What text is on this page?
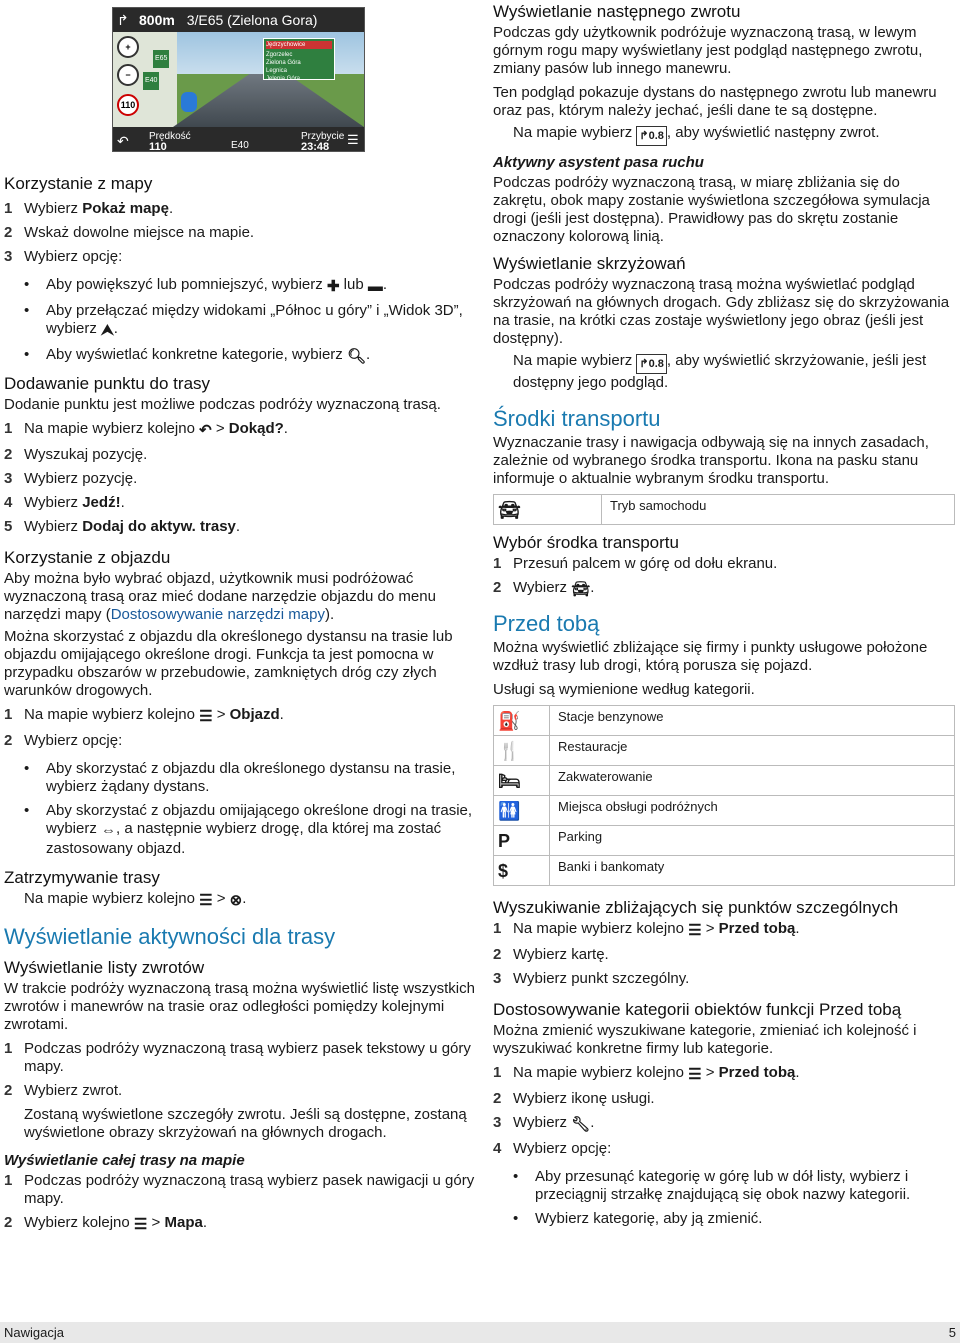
↱ 800m 3/E65 (Zielona Gora)
E65
E40
Jędrzychowice
Zgorzelec
Zielona Góra
Legnica
Jelenia Góra
+
−
110
↶ Prędkość
110	E40
Przybycie
23:48 ☰
Korzystanie z mapy
1 Wybierz Pokaż mapę.
2 Wskaż dowolne miejsce na mapie.
3 Wybierz opcję:
•	Aby powiększyć lub pomniejszyć, wybierz ✚ lub ▬.
•	Aby przełączać między widokami „Północ u góry” i „Widok 3D”, wybierz ⮝.
•	Aby wyświetlać konkretne kategorie, wybierz 🔍︎.
Dodawanie punktu do trasy

Dodanie punktu jest możliwe podczas podróży wyznaczoną trasą.

1 Na mapie wybierz kolejno ↶ > Dokąd?.
2 Wyszukaj pozycję.
3 Wybierz pozycję.
4 Wybierz Jedź!.
5 Wybierz Dodaj do aktyw. trasy.
Korzystanie z objazdu

Aby można było wybrać objazd, użytkownik musi podróżować wyznaczoną trasą oraz mieć dodane narzędzie objazdu do menu narzędzi mapy (Dostosowywanie narzędzi mapy).

Można skorzystać z objazdu dla określonego dystansu na trasie lub objazdu omijającego określone drogi. Funkcja ta jest pomocna w przypadku obszarów w przebudowie, zamkniętych dróg czy złych warunków drogowych.

1 Na mapie wybierz kolejno ☰ > Objazd.
2 Wybierz opcję:
•	Aby skorzystać z objazdu dla określonego dystansu na trasie, wybierz żądany dystans.
•	Aby skorzystać z objazdu omijającego określone drogi na trasie, wybierz ⇔, a następnie wybierz drogę, dla której ma zostać zastosowany objazd.
Zatrzymywanie trasy

Na mapie wybierz kolejno ☰ > ⊗.

Wyświetlanie aktywności dla trasy
Wyświetlanie listy zwrotów

W trakcie podróży wyznaczoną trasą można wyświetlić listę wszystkich zwrotów i manewrów na trasie oraz odległości pomiędzy kolejnymi zwrotami.

1 Podczas podróży wyznaczoną trasą wybierz pasek tekstowy u góry mapy.
2 Wybierz zwrot.

Zostaną wyświetlone szczegóły zwrotu. Jeśli są dostępne, zostaną wyświetlone obrazy skrzyżowań na głównych drogach.

Wyświetlanie całej trasy na mapie
1 Podczas podróży wyznaczoną trasą wybierz pasek nawigacji u góry mapy.
2 Wybierz kolejno ☰ > Mapa.
Wyświetlanie następnego zwrotu

Podczas gdy użytkownik podróżuje wyznaczoną trasą, w lewym górnym rogu mapy wyświetlany jest podgląd następnego zwrotu, zmiany pasów lub innego manewru.

Ten podgląd pokazuje dystans do następnego zwrotu lub manewru oraz pas, którym należy jechać, jeśli dane te są dostępne.

Na mapie wybierz ↱0.8 , aby wyświetlić następny zwrot.

Aktywny asystent pasa ruchu

Podczas podróży wyznaczoną trasą, w miarę zbliżania się do zakrętu, obok mapy zostanie wyświetlona szczegółowa symulacja drogi (jeśli jest dostępna). Prawidłowy pas do skrętu zostanie oznaczony kolorową linią.

Wyświetlanie skrzyżowań

Podczas podróży wyznaczoną trasą można wyświetlać podgląd skrzyżowań na głównych drogach. Gdy zbliżasz się do skrzyżowania na trasie, na krótki czas zostaje wyświetlony jego obraz (jeśli jest dostępny).

Na mapie wybierz ↱0.8 , aby wyświetlić skrzyżowanie, jeśli jest dostępny jego podgląd.

Środki transportu

Wyznaczanie trasy i nawigacja odbywają się na innych zasadach, zależnie od wybranego środka transportu. Ikona na pasku stanu informuje o aktualnie wybranym środku transportu.

🚘︎	Tryb samochodu
Wybór środka transportu
1 Przesuń palcem w górę od dołu ekranu.
2 Wybierz 🚘︎.
Przed tobą

Można wyświetlić zbliżające się firmy i punkty usługowe położone wzdłuż trasy lub drogi, którą porusza się pojazd.

Usługi są wymienione według kategorii.

⛽	Stacje benzynowe
🍴	Restauracje
🛏	Zakwaterowanie
🚻	Miejsca obsługi podróżnych
P	Parking
$	Banki i bankomaty
Wyszukiwanie zbliżających się punktów szczególnych
1 Na mapie wybierz kolejno ☰ > Przed tobą.
2 Wybierz kartę.
3 Wybierz punkt szczególny.
Dostosowywanie kategorii obiektów funkcji Przed tobą

Można zmienić wyszukiwane kategorie, zmieniać ich kolejność i wyszukiwać konkretne firmy lub kategorie.

1 Na mapie wybierz kolejno ☰ > Przed tobą.
2 Wybierz ikonę usługi.
3 Wybierz 🔧︎.
4 Wybierz opcję:
•	Aby przesunąć kategorię w górę lub w dół listy, wybierz i przeciągnij strzałkę znajdującą się obok nazwy kategorii.
•	Wybierz kategorię, aby ją zmienić.
Nawigacja	5
